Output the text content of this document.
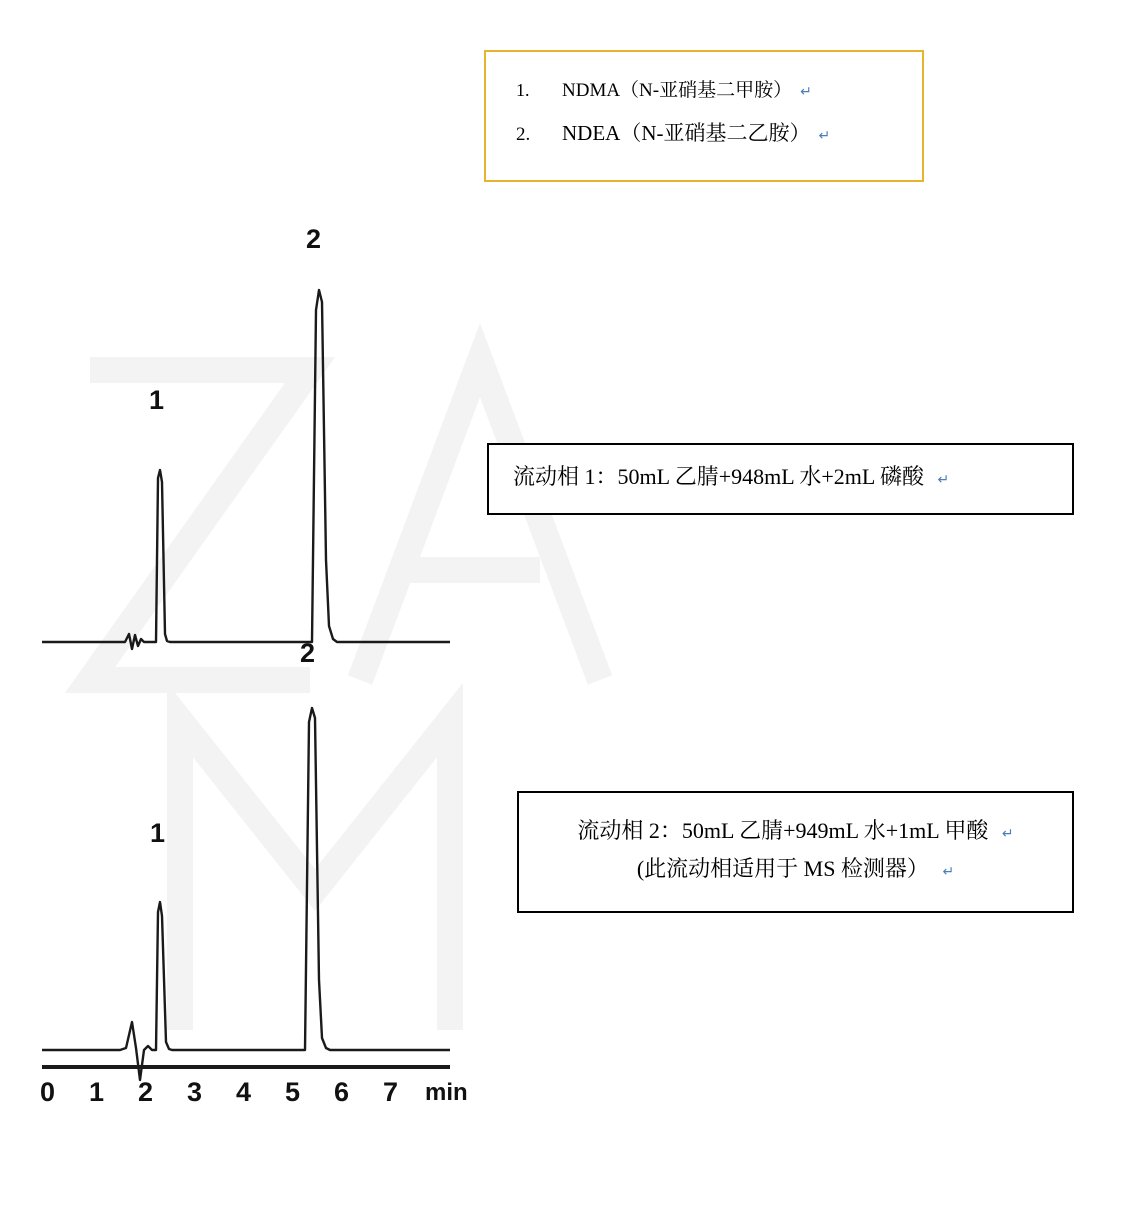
1.	NDMA（N-亚硝基二甲胺） ↵
2.	NDEA（N-亚硝基二乙胺） ↵
流动相 1：50mL 乙腈+948mL 水+2mL 磷酸 ↵
流动相 2：50mL 乙腈+949mL 水+1mL 甲酸 ↵
(此流动相适用于 MS 检测器） ↵
1
2
1
2
0 1 2 3 4 5 6 7 min
